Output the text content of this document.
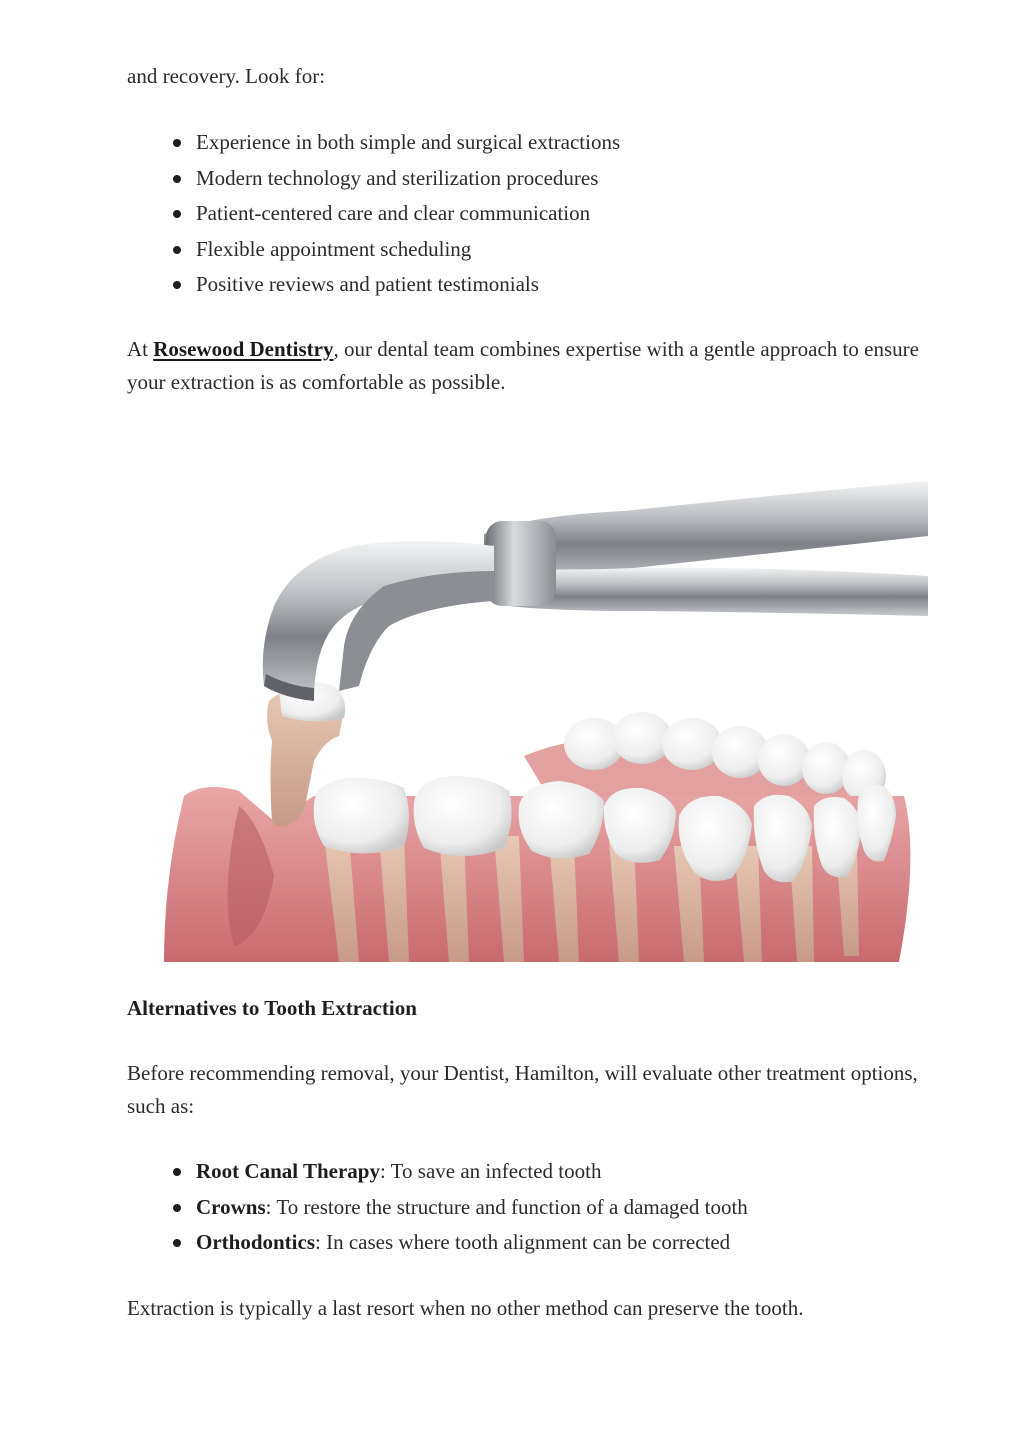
and recovery. Look for:

Experience in both simple and surgical extractions
Modern technology and sterilization procedures
Patient-centered care and clear communication
Flexible appointment scheduling
Positive reviews and patient testimonials

At Rosewood Dentistry, our dental team combines expertise with a gentle approach to ensure your extraction is as comfortable as possible.

Alternatives to Tooth Extraction

Before recommending removal, your Dentist, Hamilton, will evaluate other treatment options, such as:

Root Canal Therapy: To save an infected tooth
Crowns: To restore the structure and function of a damaged tooth
Orthodontics: In cases where tooth alignment can be corrected

Extraction is typically a last resort when no other method can preserve the tooth.
